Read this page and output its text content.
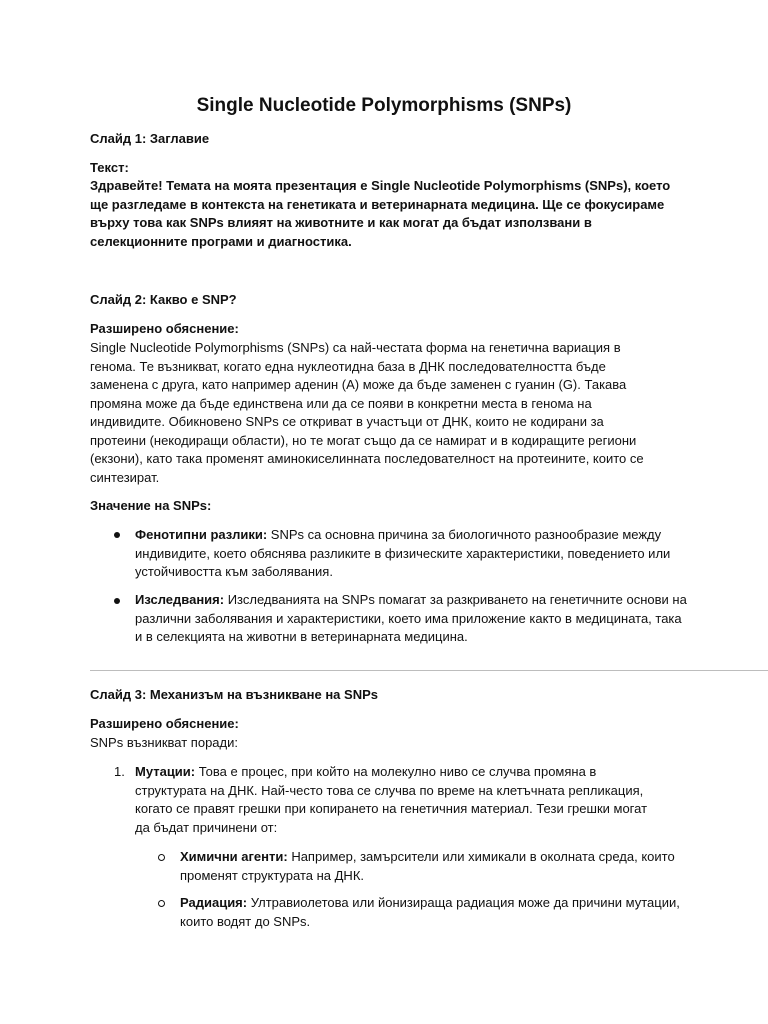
Single Nucleotide Polymorphisms (SNPs)
Слайд 1: Заглавие
Текст:
Здравейте! Темата на моята презентация е Single Nucleotide Polymorphisms (SNPs), което ще разгледаме в контекста на генетиката и ветеринарната медицина. Ще се фокусираме върху това как SNPs влияят на животните и как могат да бъдат използвани в селекционните програми и диагностика.
Слайд 2: Какво е SNP?
Разширено обяснение:
Single Nucleotide Polymorphisms (SNPs) са най-честата форма на генетична вариация в генома. Те възникват, когато една нуклеотидна база в ДНК последователността бъде заменена с друга, като например аденин (A) може да бъде заменен с гуанин (G). Такава промяна може да бъде единствена или да се появи в конкретни места в генома на индивидите. Обикновено SNPs се откриват в участъци от ДНК, които не кодирани за протеини (некодиращи области), но те могат също да се намират и в кодиращите региони (екзони), като така променят аминокиселинната последователност на протеините, които се синтезират.
Значение на SNPs:
Фенотипни разлики: SNPs са основна причина за биологичното разнообразие между индивидите, което обяснява разликите в физическите характеристики, поведението или устойчивостта към заболявания.
Изследвания: Изследванията на SNPs помагат за разкриването на генетичните основи на различни заболявания и характеристики, което има приложение както в медицината, така и в селекцията на животни в ветеринарната медицина.
Слайд 3: Механизъм на възникване на SNPs
Разширено обяснение:
SNPs възникват поради:
1. Мутации: Това е процес, при който на молекулно ниво се случва промяна в структурата на ДНК. Най-често това се случва по време на клетъчната репликация, когато се правят грешки при копирането на генетичния материал. Тези грешки могат да бъдат причинени от:
Химични агенти: Например, замърсители или химикали в околната среда, които променят структурата на ДНК.
Радиация: Ултравиолетова или йонизираща радиация може да причини мутации, които водят до SNPs.
